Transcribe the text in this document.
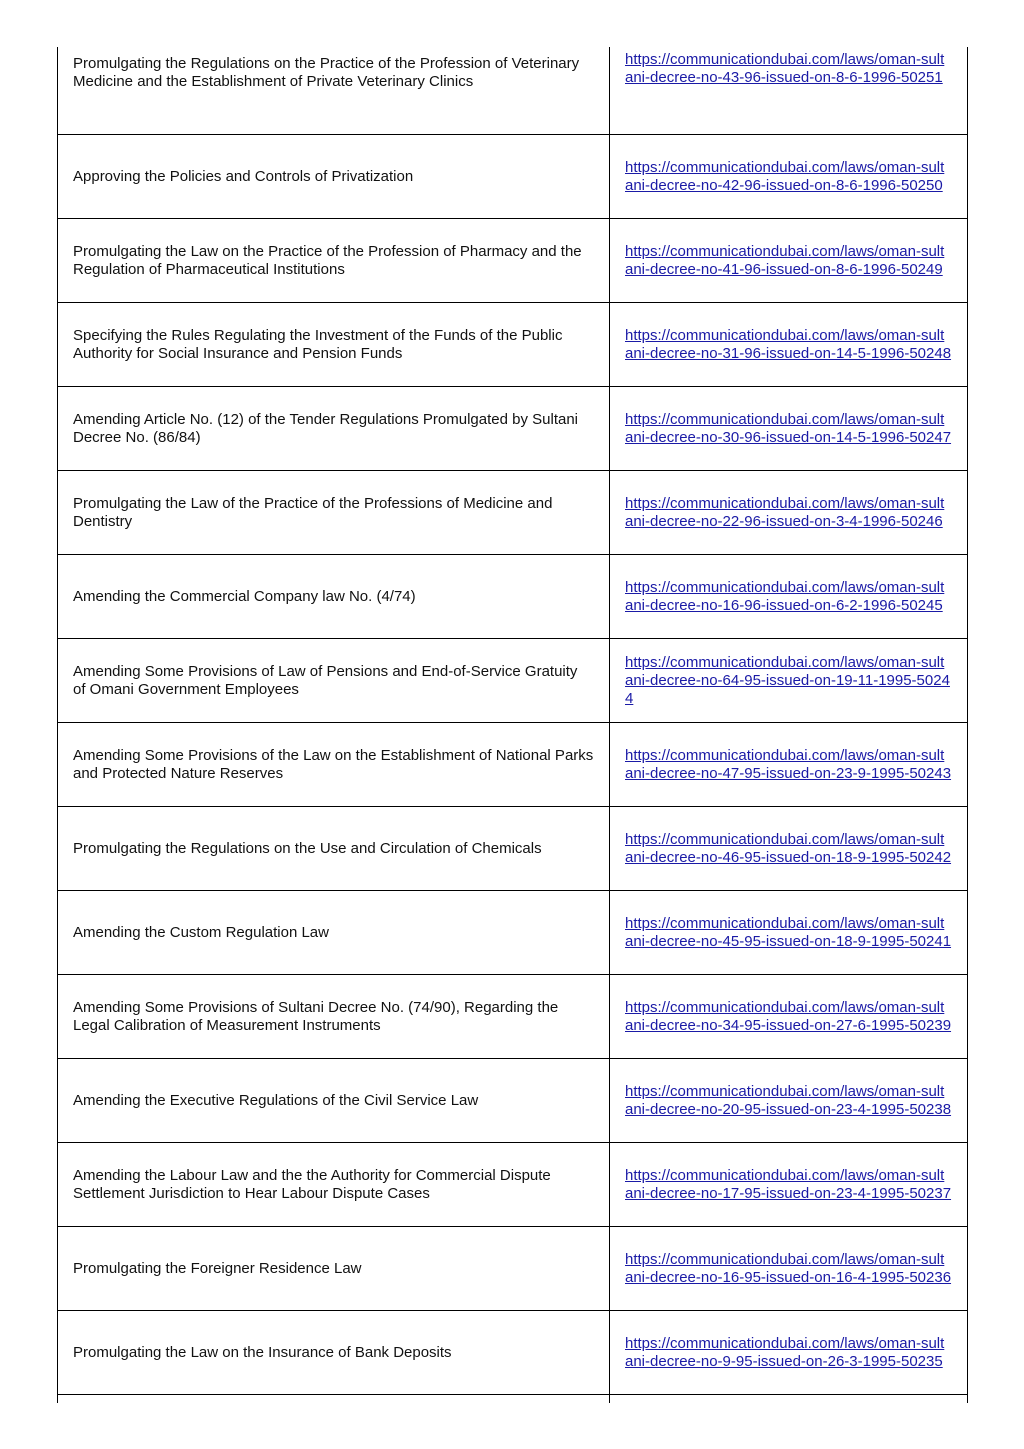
Promulgating the Regulations on the Practice of the Profession of Veterinary Medicine and the Establishment of Private Veterinary Clinics	https://communicationdubai.com/laws/oman-sultani-decree-no-43-96-issued-on-8-6-1996-50251
Approving the Policies and Controls of Privatization	https://communicationdubai.com/laws/oman-sultani-decree-no-42-96-issued-on-8-6-1996-50250
Promulgating the Law on the Practice of the Profession of Pharmacy and the Regulation of Pharmaceutical Institutions	https://communicationdubai.com/laws/oman-sultani-decree-no-41-96-issued-on-8-6-1996-50249
Specifying the Rules Regulating the Investment of the Funds of the Public Authority for Social Insurance and Pension Funds	https://communicationdubai.com/laws/oman-sultani-decree-no-31-96-issued-on-14-5-1996-50248
Amending Article No. (12) of the Tender Regulations Promulgated by Sultani Decree No. (86/84)	https://communicationdubai.com/laws/oman-sultani-decree-no-30-96-issued-on-14-5-1996-50247
Promulgating the Law of the Practice of the Professions of Medicine and Dentistry	https://communicationdubai.com/laws/oman-sultani-decree-no-22-96-issued-on-3-4-1996-50246
Amending the Commercial Company law No. (4/74)	https://communicationdubai.com/laws/oman-sultani-decree-no-16-96-issued-on-6-2-1996-50245
Amending Some Provisions of Law of Pensions and End-of-Service Gratuity of Omani Government Employees	https://communicationdubai.com/laws/oman-sultani-decree-no-64-95-issued-on-19-11-1995-50244
Amending Some Provisions of the Law on the Establishment of National Parks and Protected Nature Reserves	https://communicationdubai.com/laws/oman-sultani-decree-no-47-95-issued-on-23-9-1995-50243
Promulgating the Regulations on the Use and Circulation of Chemicals	https://communicationdubai.com/laws/oman-sultani-decree-no-46-95-issued-on-18-9-1995-50242
Amending the Custom Regulation Law	https://communicationdubai.com/laws/oman-sultani-decree-no-45-95-issued-on-18-9-1995-50241
Amending Some Provisions of Sultani Decree No. (74/90), Regarding the Legal Calibration of Measurement Instruments	https://communicationdubai.com/laws/oman-sultani-decree-no-34-95-issued-on-27-6-1995-50239
Amending the Executive Regulations of the Civil Service Law	https://communicationdubai.com/laws/oman-sultani-decree-no-20-95-issued-on-23-4-1995-50238
Amending the Labour Law and the the Authority for Commercial Dispute Settlement Jurisdiction to Hear Labour Dispute Cases	https://communicationdubai.com/laws/oman-sultani-decree-no-17-95-issued-on-23-4-1995-50237
Promulgating the Foreigner Residence Law	https://communicationdubai.com/laws/oman-sultani-decree-no-16-95-issued-on-16-4-1995-50236
Promulgating the Law on the Insurance of Bank Deposits	https://communicationdubai.com/laws/oman-sultani-decree-no-9-95-issued-on-26-3-1995-50235
